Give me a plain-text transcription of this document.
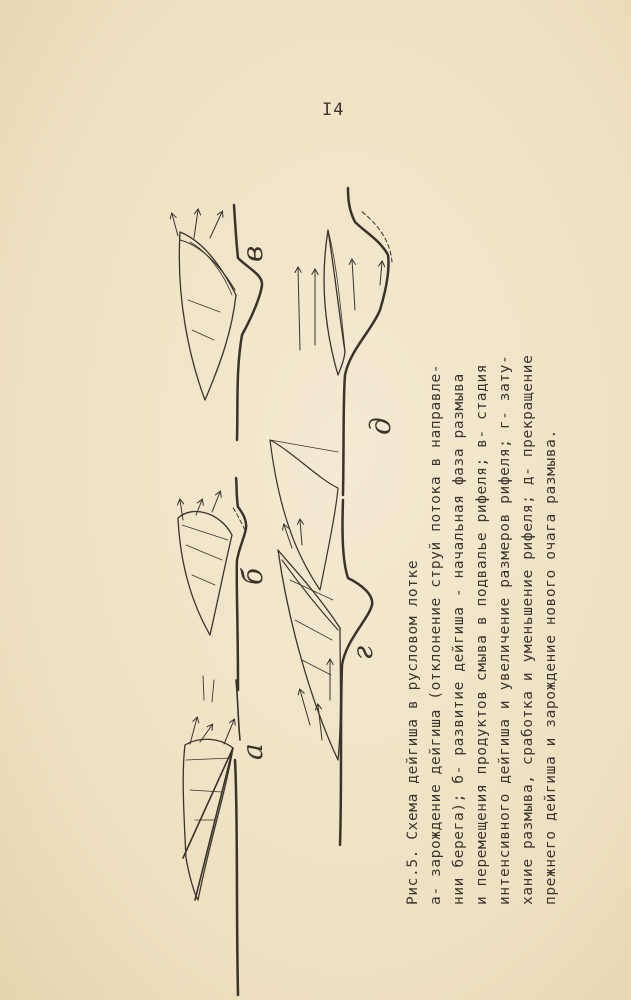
I4
а
б
в
г
д
Рис.5. Схема дейгиша в русловом лотке а- зарождение дейгиша (отклонение струй потока в направле- нии берега); б- развитие дейгиша - начальная фаза размыва и перемещения продуктов смыва в подвалье рифеля; в- стадия интенсивного дейгиша и увеличение размеров рифеля; г- зату- хание размыва, сработка и уменьшение рифеля; д- прекращение прежнего дейгиша и зарождение нового очага размыва.
